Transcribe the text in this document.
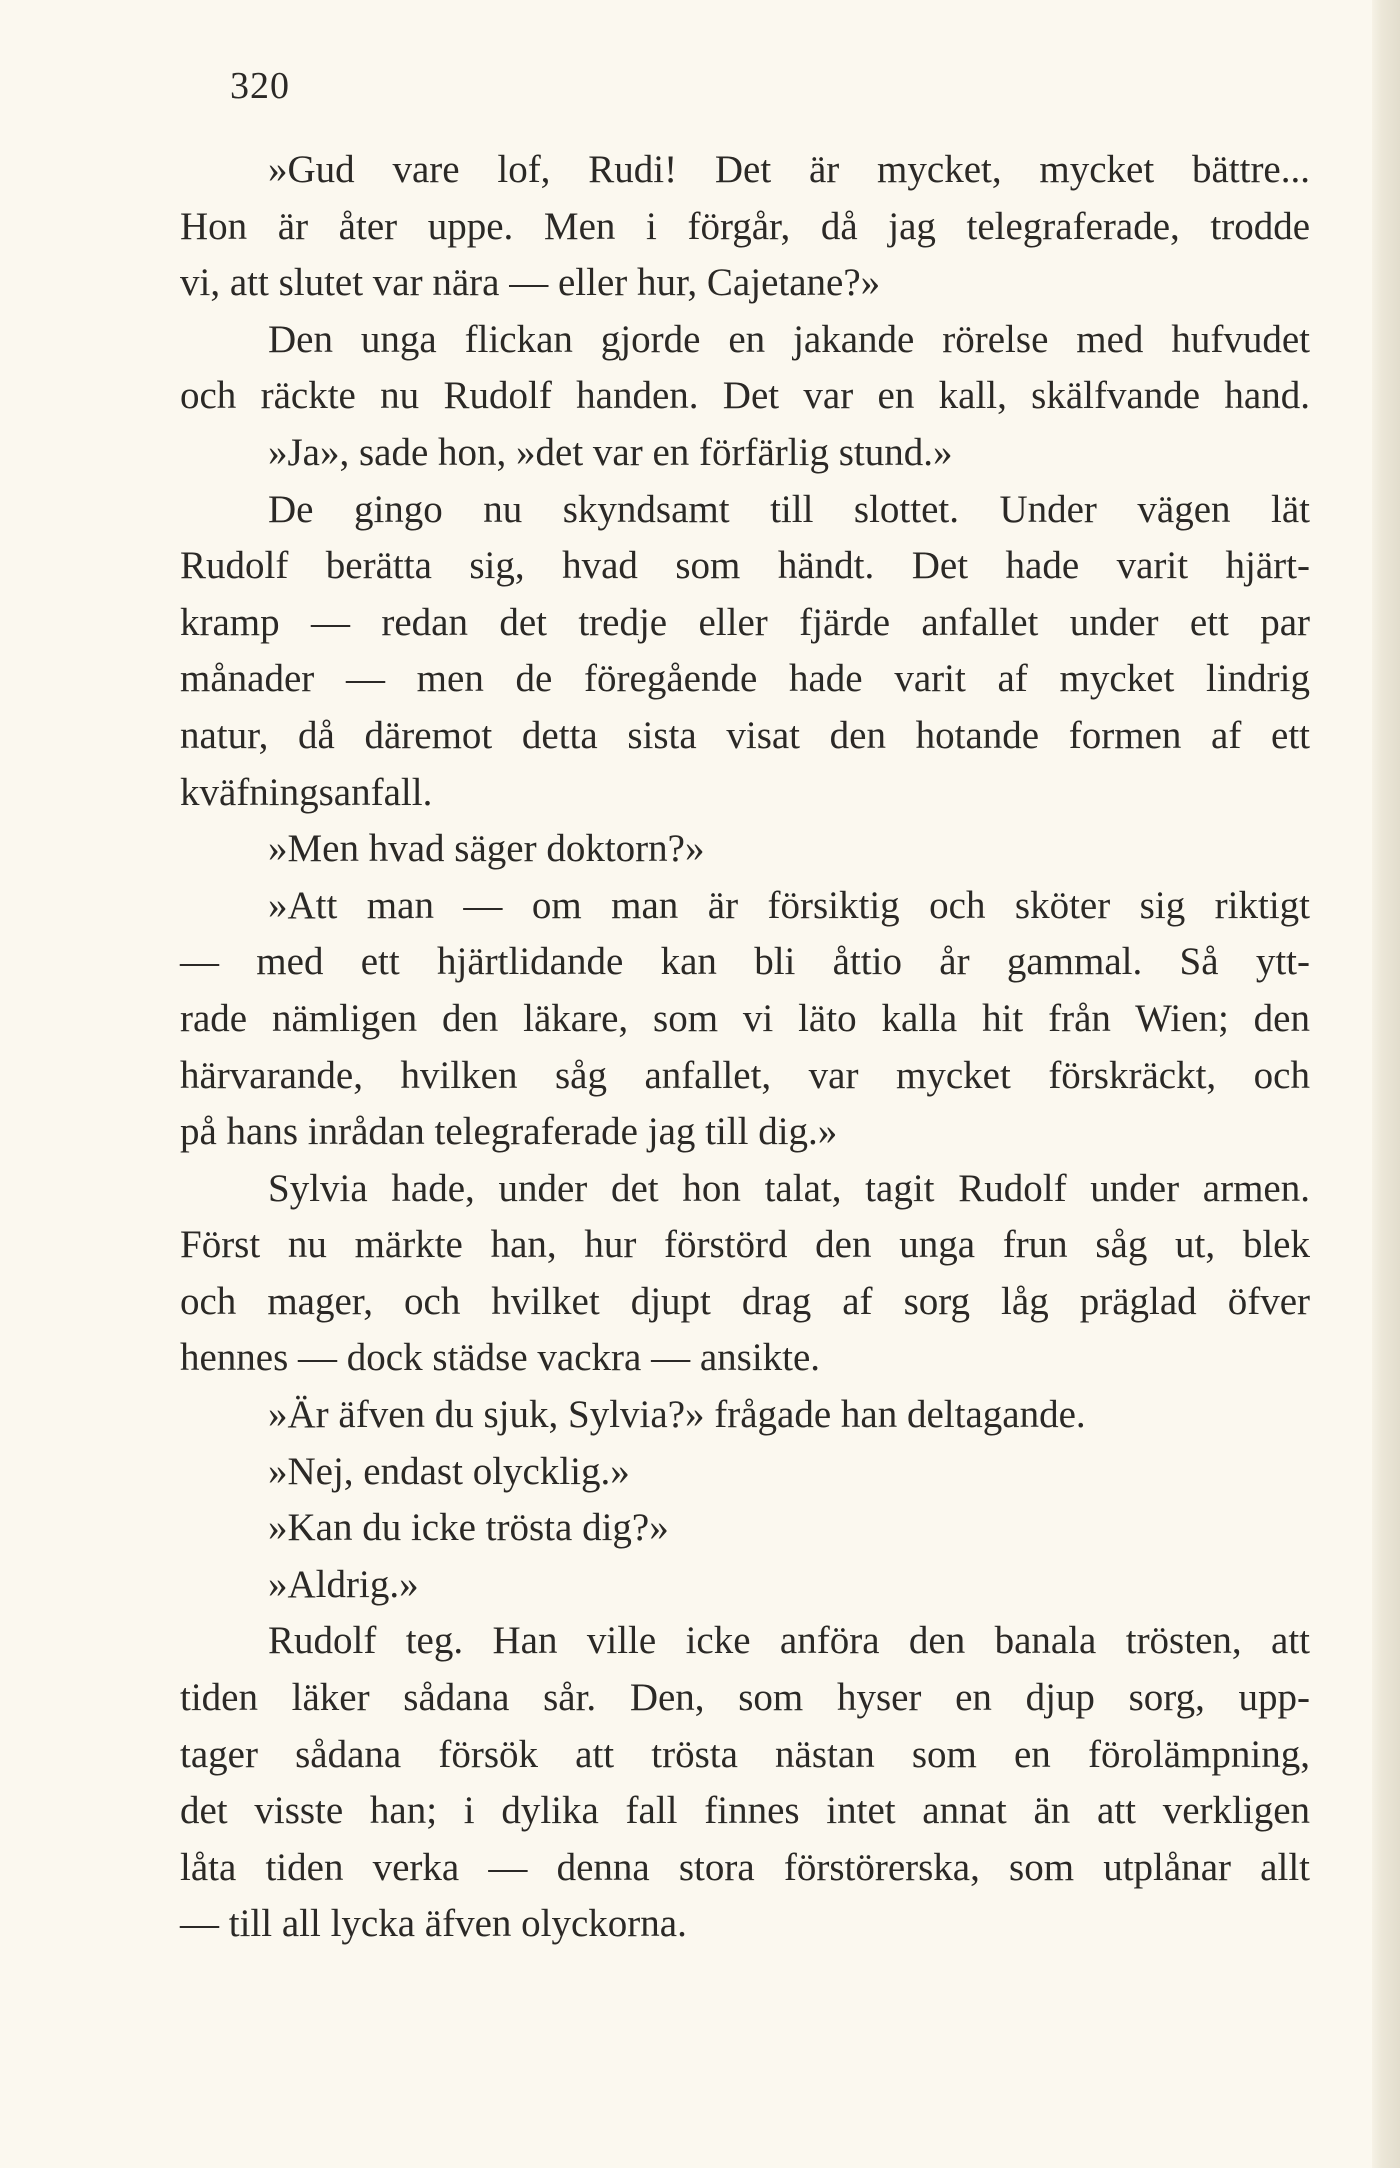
320
»Gud vare lof, Rudi! Det är mycket, mycket bättre...
Hon är åter uppe. Men i förgår, då jag telegraferade, trodde
vi, att slutet var nära — eller hur, Cajetane?»
Den unga flickan gjorde en jakande rörelse med hufvudet
och räckte nu Rudolf handen. Det var en kall, skälfvande hand.
»Ja», sade hon, »det var en förfärlig stund.»
De gingo nu skyndsamt till slottet. Under vägen lät
Rudolf berätta sig, hvad som händt. Det hade varit hjärt-
kramp — redan det tredje eller fjärde anfallet under ett par
månader — men de föregående hade varit af mycket lindrig
natur, då däremot detta sista visat den hotande formen af ett
kväfningsanfall.
»Men hvad säger doktorn?»
»Att man — om man är försiktig och sköter sig riktigt
— med ett hjärtlidande kan bli åttio år gammal. Så ytt-
rade nämligen den läkare, som vi läto kalla hit från Wien; den
härvarande, hvilken såg anfallet, var mycket förskräckt, och
på hans inrådan telegraferade jag till dig.»
Sylvia hade, under det hon talat, tagit Rudolf under armen.
Först nu märkte han, hur förstörd den unga frun såg ut, blek
och mager, och hvilket djupt drag af sorg låg präglad öfver
hennes — dock städse vackra — ansikte.
»Är äfven du sjuk, Sylvia?» frågade han deltagande.
»Nej, endast olycklig.»
»Kan du icke trösta dig?»
»Aldrig.»
Rudolf teg. Han ville icke anföra den banala trösten, att
tiden läker sådana sår. Den, som hyser en djup sorg, upp-
tager sådana försök att trösta nästan som en förolämpning,
det visste han; i dylika fall finnes intet annat än att verkligen
låta tiden verka — denna stora förstörerska, som utplånar allt
— till all lycka äfven olyckorna.
